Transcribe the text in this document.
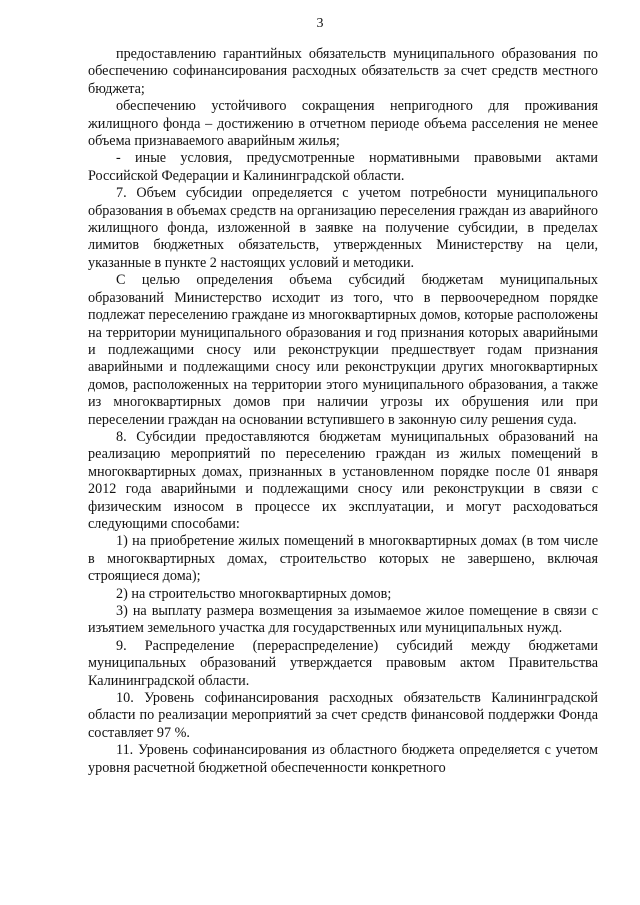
3

предоставлению гарантийных обязательств муниципального образования по обеспечению софинансирования расходных обязательств за счет средств местного бюджета;

обеспечению устойчивого сокращения непригодного для проживания жилищного фонда – достижению в отчетном периоде объема расселения не менее объема признаваемого аварийным жилья;

- иные условия, предусмотренные нормативными правовыми актами Российской Федерации и Калининградской области.

7. Объем субсидии определяется с учетом потребности муниципального образования в объемах средств на организацию переселения граждан из аварийного жилищного фонда, изложенной в заявке на получение субсидии, в пределах лимитов бюджетных обязательств, утвержденных Министерству на цели, указанные в пункте 2 настоящих условий и методики.

С целью определения объема субсидий бюджетам муниципальных образований Министерство исходит из того, что в первоочередном порядке подлежат переселению граждане из многоквартирных домов, которые расположены на территории муниципального образования и год признания которых аварийными и подлежащими сносу или реконструкции предшествует годам признания аварийными и подлежащими сносу или реконструкции других многоквартирных домов, расположенных на территории этого муниципального образования, а также из многоквартирных домов при наличии угрозы их обрушения или при переселении граждан на основании вступившего в законную силу решения суда.

8. Субсидии предоставляются бюджетам муниципальных образований на реализацию мероприятий по переселению граждан из жилых помещений в многоквартирных домах, признанных в установленном порядке после 01 января 2012 года аварийными и подлежащими сносу или реконструкции в связи с физическим износом в процессе их эксплуатации, и могут расходоваться следующими способами:

1) на приобретение жилых помещений в многоквартирных домах (в том числе в многоквартирных домах, строительство которых не завершено, включая строящиеся дома);

2) на строительство многоквартирных домов;

3) на выплату размера возмещения за изымаемое жилое помещение в связи с изъятием земельного участка для государственных или муниципальных нужд.

9. Распределение (перераспределение) субсидий между бюджетами муниципальных образований утверждается правовым актом Правительства Калининградской области.

10. Уровень софинансирования расходных обязательств Калининградской области по реализации мероприятий за счет средств финансовой поддержки Фонда составляет 97 %.

11. Уровень софинансирования из областного бюджета определяется с учетом уровня расчетной бюджетной обеспеченности конкретного
